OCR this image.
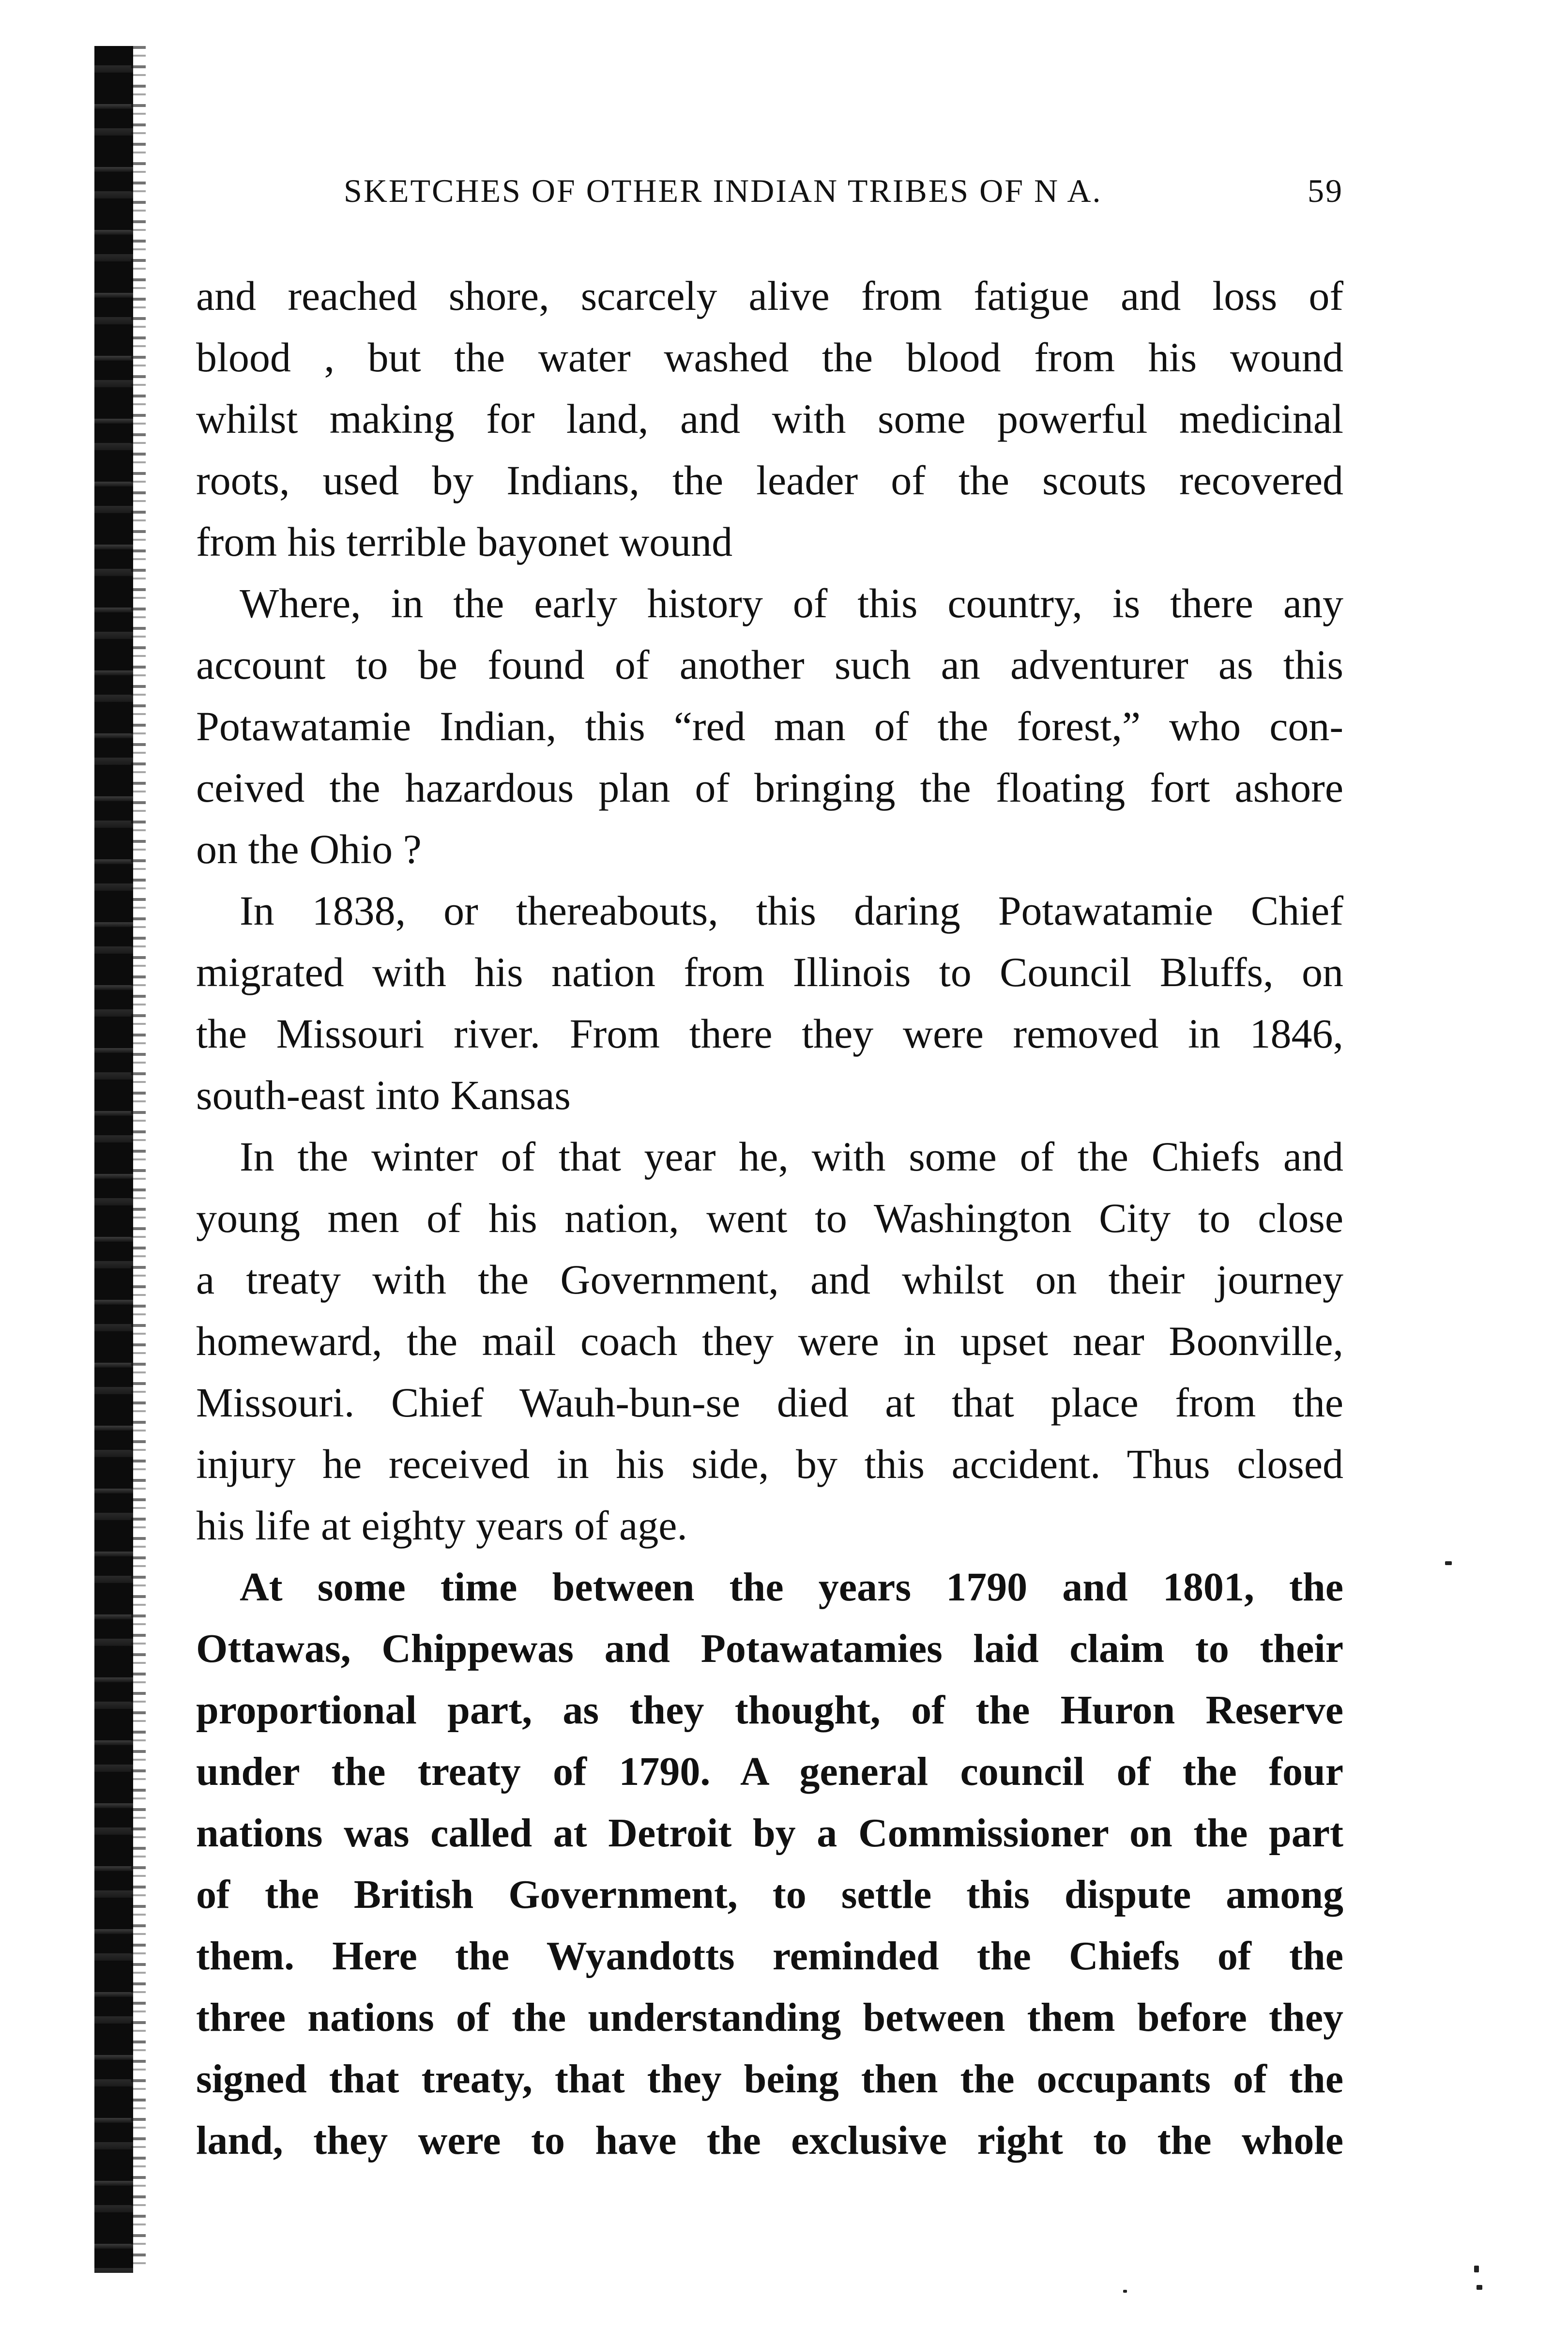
SKETCHES OF OTHER INDIAN TRIBES OF N A.	59
and reached shore, scarcely alive from fatigue and loss of
blood , but the water washed the blood from his wound
whilst making for land, and with some powerful medicinal
roots, used by Indians, the leader of the scouts recovered
from his terrible bayonet wound
Where, in the early history of this country, is there any
account to be found of another such an adventurer as this
Potawatamie Indian, this “red man of the forest,” who con-
ceived the hazardous plan of bringing the floating fort ashore
on the Ohio ?
In 1838, or thereabouts, this daring Potawatamie Chief
migrated with his nation from Illinois to Council Bluffs, on
the Missouri river. From there they were removed in 1846,
south-east into Kansas
In the winter of that year he, with some of the Chiefs and
young men of his nation, went to Washington City to close
a treaty with the Government, and whilst on their journey
homeward, the mail coach they were in upset near Boonville,
Missouri. Chief Wauh-bun-se died at that place from the
injury he received in his side, by this accident. Thus closed
his life at eighty years of age.
At some time between the years 1790 and 1801, the
Ottawas, Chippewas and Potawatamies laid claim to their
proportional part, as they thought, of the Huron Reserve
under the treaty of 1790. A general council of the four
nations was called at Detroit by a Commissioner on the part
of the British Government, to settle this dispute among
them. Here the Wyandotts reminded the Chiefs of the
three nations of the understanding between them before they
signed that treaty, that they being then the occupants of the
land, they were to have the exclusive right to the whole
